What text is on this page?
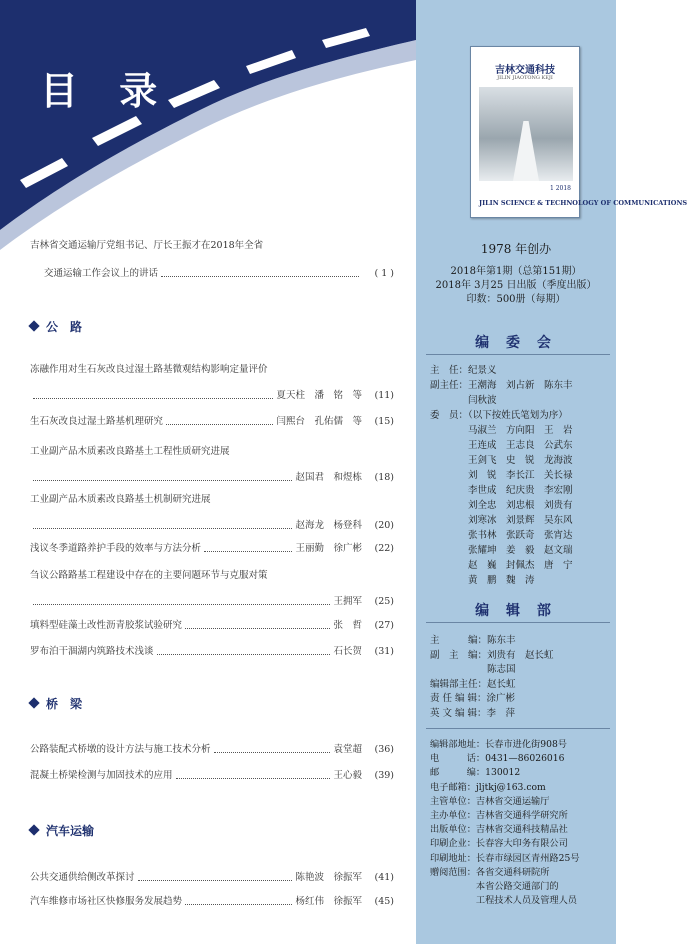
目 录
吉林省交通运输厅党组书记、厅长王振才在2018年全省
交通运输工作会议上的讲话	( 1 )
公　路
冻融作用对生石灰改良过湿土路基微观结构影响定量评价
夏天柱　潘　铭　等	(11)
生石灰改良过湿土路基机理研究	闫熙台　孔佑儒　等	(15)
工业副产品木质素改良路基土工程性质研究进展
赵国君　和煜栋	(18)
工业副产品木质素改良路基土机制研究进展
赵海龙　杨登科	(20)
浅议冬季道路养护手段的效率与方法分析	王丽勤　徐广彬	(22)
刍议公路路基工程建设中存在的主要问题环节与克服对策
王拥军	(25)
填料型硅藻土改性沥青胶浆试验研究	张　哲	(27)
罗布泊干涸湖内筑路技术浅谈	石长贺	(31)
桥　梁
公路装配式桥墩的设计方法与施工技术分析	袁堂超	(36)
混凝土桥梁检测与加固技术的应用	王心毅	(39)
汽车运输
公共交通供给侧改革探讨	陈艳波　徐振军	(41)
汽车维修市场社区快修服务发展趋势	杨红伟　徐振军	(45)
吉林交通科技
JILIN JIAOTONG KEJI
1 2018
JILIN SCIENCE & TECHNOLOGY OF COMMUNICATIONS
1978 年创办
2018年第1期（总第151期）
2018年 3月25 日出版（季度出版）
印数：500册（每期）
编 委 会
主　任：纪景义
副主任：王潮海　刘占新　陈东丰
　　　　闫秋波
委　员：（以下按姓氏笔划为序）
　　　　马淑兰　方向阳　王　岩
　　　　王连成　王志良　公武东
　　　　王剑飞　史　锐　龙海波
　　　　刘　锐　李长江　关长禄
　　　　李世成　纪庆贵　李宏刚
　　　　刘全忠　刘忠根　刘贵有
　　　　刘寒冰　刘景辉　吴东风
　　　　张书林　张跃奇　张宵达
　　　　张耀坤　姜　毅　赵文瑞
　　　　赵　巍　封佩杰　唐　宁
　　　　黄　鹏　魏　涛
编 辑 部
主　　　编：陈东丰
副　主　编：刘贵有　赵长虹
　　　　　　陈志国
编辑部主任：赵长虹
责 任 编 辑：涂广彬
英 文 编 辑：李　萍
编辑部地址：长春市进化街908号
电　　　话：0431—86026016
邮　　　编：130012
电子邮箱：jljtkj@163.com
主管单位：吉林省交通运输厅
主办单位：吉林省交通科学研究所
出版单位：吉林省交通科技精品社
印刷企业：长春容大印务有限公司
印刷地址：长春市绿园区青州路25号
赠阅范围：各省交通科研院所
　　　　　本省公路交通部门的
　　　　　工程技术人员及管理人员
